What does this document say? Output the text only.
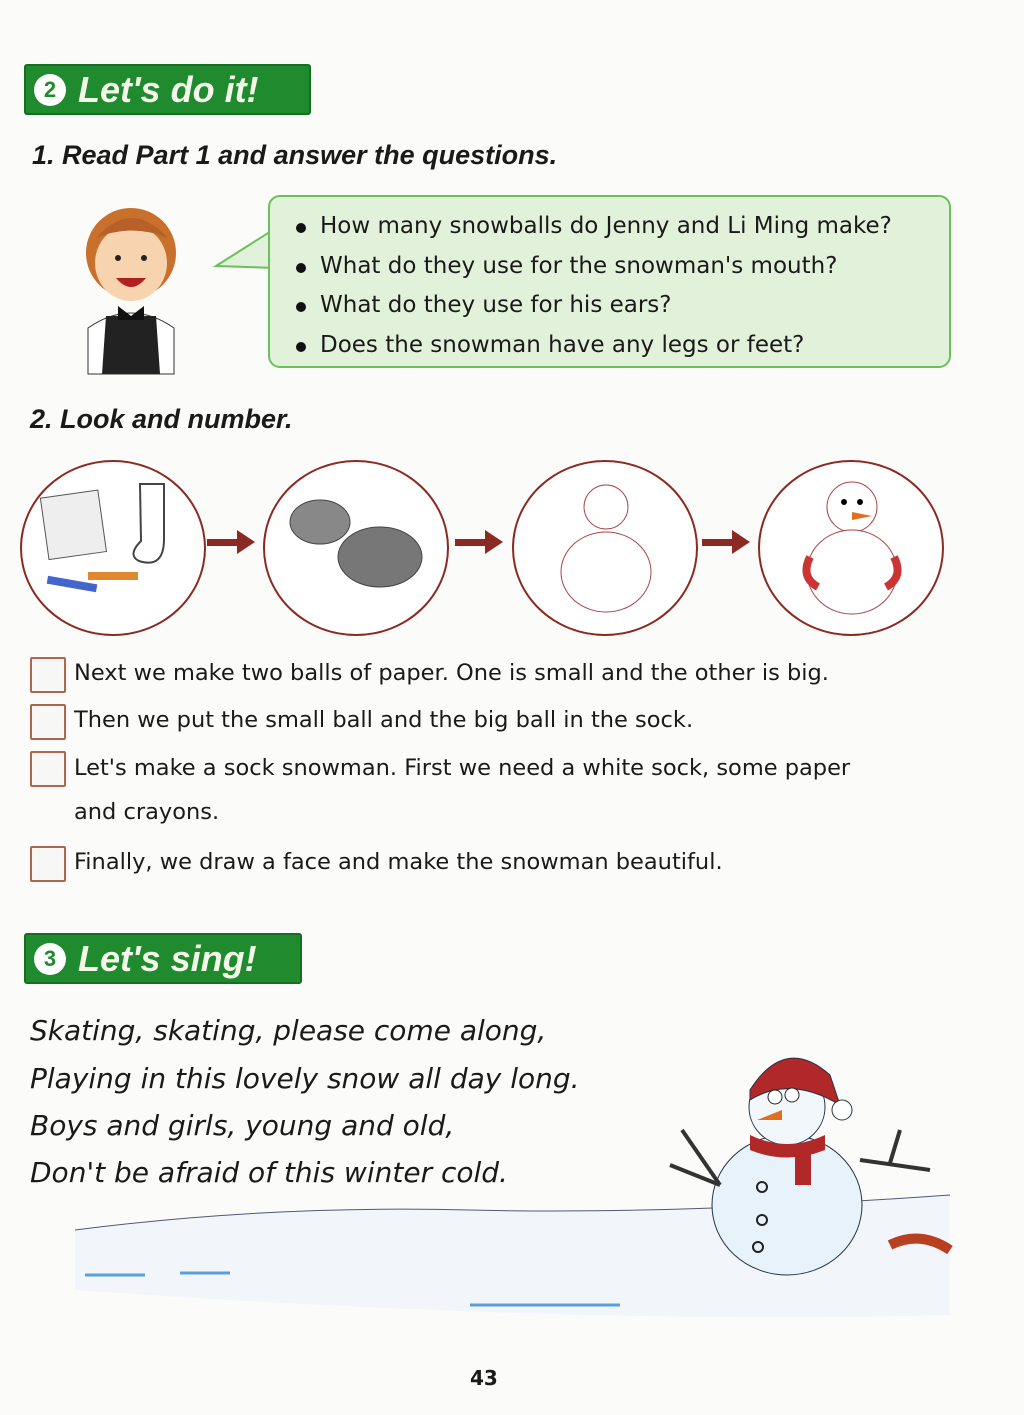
2 Let's do it!
1. Read Part 1 and answer the questions.
How many snowballs do Jenny and Li Ming make?
What do they use for the snowman's mouth?
What do they use for his ears?
Does the snowman have any legs or feet?
2. Look and number.
Next we make two balls of paper. One is small and the other is big.
Then we put the small ball and the big ball in the sock.
Let's make a sock snowman. First we need a white sock, some paper
and crayons.
Finally, we draw a face and make the snowman beautiful.
3 Let's sing!
Skating, skating, please come along,
Playing in this lovely snow all day long.
Boys and girls, young and old,
Don't be afraid of this winter cold.
43
